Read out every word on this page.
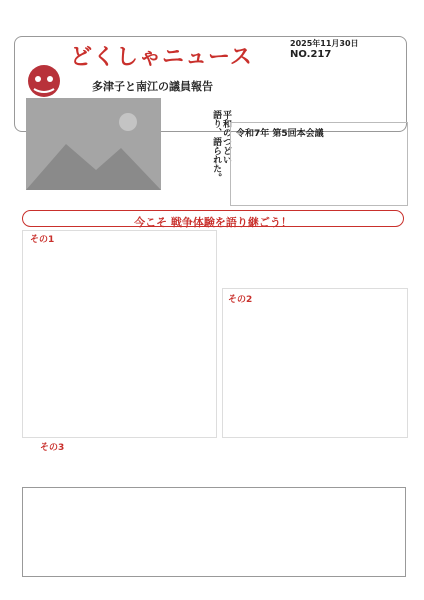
どくしゃニュース
多津子と南江の議員報告
2025年11月30日
NO.217
平和のつどい
語り、語られた。 令和7年 第5回本会議
今こそ 戦争体験を語り継ごう！
その1
その2
その3
